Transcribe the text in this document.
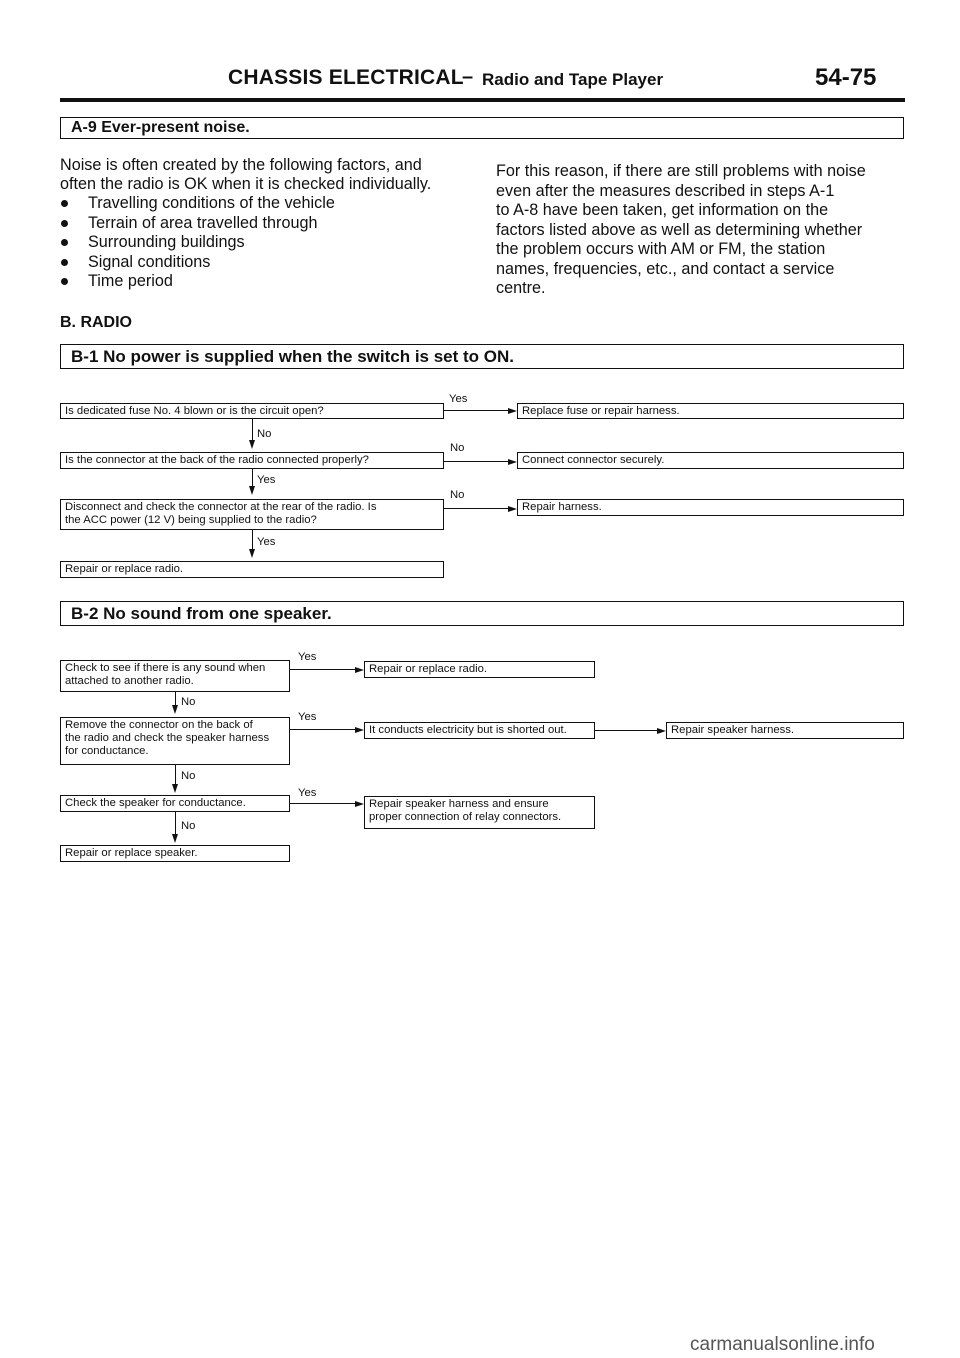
CHASSIS ELECTRICAL
– Radio and Tape Player	54-75
A-9 Ever-present noise.
Noise is often created by the following factors, and
often the radio is OK when it is checked individually.
Travelling conditions of the vehicle
Terrain of area travelled through
Surrounding buildings
Signal conditions
Time period
For this reason, if there are still problems with noise
even after the measures described in steps A-1
to A-8 have been taken, get information on the
factors listed above as well as determining whether
the problem occurs with AM or FM, the station
names, frequencies, etc., and contact a service
centre.
B. RADIO
B-1 No power is supplied when the switch is set to ON.
Is dedicated fuse No. 4 blown or is the circuit open?
Yes
Replace fuse or repair harness.
No
Is the connector at the back of the radio connected properly?
No
Connect connector securely.
Yes
Disconnect and check the connector at the rear of the radio. Is
the ACC power (12 V) being supplied to the radio?
No
Repair harness.
Yes
Repair or replace radio.
B-2 No sound from one speaker.
Check to see if there is any sound when
attached to another radio.
Yes
Repair or replace radio.
No
Remove the connector on the back of
the radio and check the speaker harness
for conductance.
Yes
It conducts electricity but is shorted out.	Repair speaker harness.
No
Check the speaker for conductance.
Yes
Repair speaker harness and ensure
proper connection of relay connectors.
No
Repair or replace speaker.
carmanualsonline.info
